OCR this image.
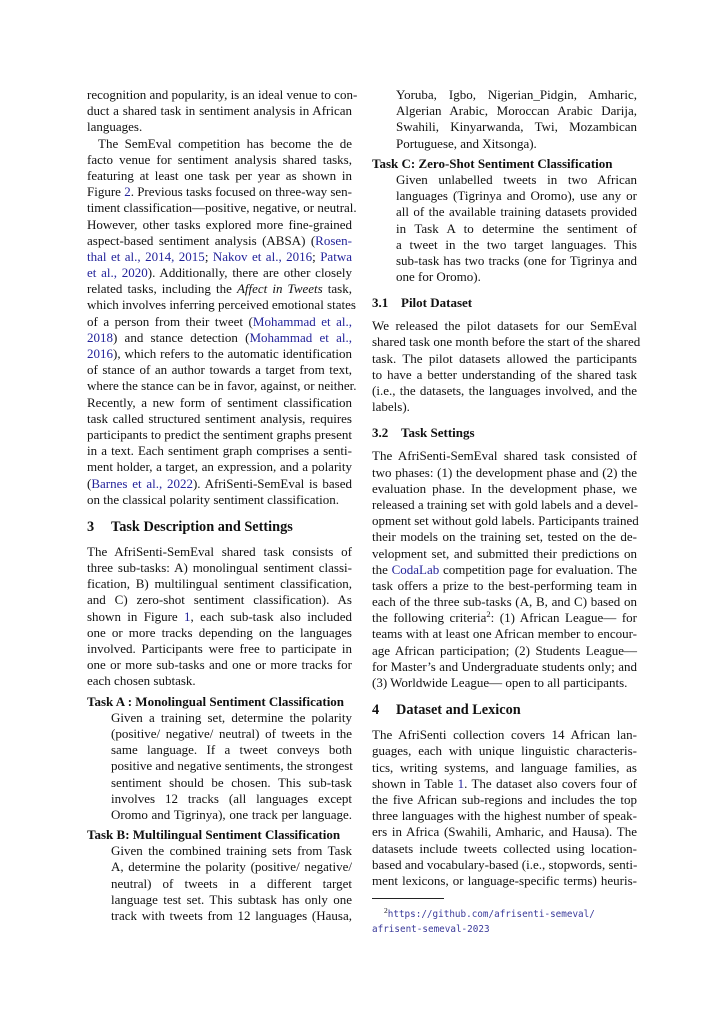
recognition and popularity, is an ideal venue to con-
duct a shared task in sentiment analysis in African
languages.
The SemEval competition has become the de
facto venue for sentiment analysis shared tasks,
featuring at least one task per year as shown in
Figure 2. Previous tasks focused on three-way sen-
timent classification—positive, negative, or neutral.
However, other tasks explored more fine-grained
aspect-based sentiment analysis (ABSA) (Rosen-
thal et al., 2014, 2015; Nakov et al., 2016; Patwa
et al., 2020). Additionally, there are other closely
related tasks, including the Affect in Tweets task,
which involves inferring perceived emotional states
of a person from their tweet (Mohammad et al.,
2018) and stance detection (Mohammad et al.,
2016), which refers to the automatic identification
of stance of an author towards a target from text,
where the stance can be in favor, against, or neither.
Recently, a new form of sentiment classification
task called structured sentiment analysis, requires
participants to predict the sentiment graphs present
in a text. Each sentiment graph comprises a senti-
ment holder, a target, an expression, and a polarity
(Barnes et al., 2022). AfriSenti-SemEval is based
on the classical polarity sentiment classification.
3 Task Description and Settings
The AfriSenti-SemEval shared task consists of
three sub-tasks: A) monolingual sentiment classi-
fication, B) multilingual sentiment classification,
and C) zero-shot sentiment classification). As
shown in Figure 1, each sub-task also included
one or more tracks depending on the languages
involved. Participants were free to participate in
one or more sub-tasks and one or more tracks for
each chosen subtask.
Task A : Monolingual Sentiment Classification
Given a training set, determine the polarity
(positive/ negative/ neutral) of tweets in the
same language. If a tweet conveys both
positive and negative sentiments, the strongest
sentiment should be chosen. This sub-task
involves 12 tracks (all languages except
Oromo and Tigrinya), one track per language.
Task B: Multilingual Sentiment Classification
Given the combined training sets from Task
A, determine the polarity (positive/ negative/
neutral) of tweets in a different target
language test set. This subtask has only one
track with tweets from 12 languages (Hausa,
Yoruba, Igbo, Nigerian_Pidgin, Amharic,
Algerian Arabic, Moroccan Arabic Darija,
Swahili, Kinyarwanda, Twi, Mozambican
Portuguese, and Xitsonga).
Task C: Zero-Shot Sentiment Classification
Given unlabelled tweets in two African
languages (Tigrinya and Oromo), use any or
all of the available training datasets provided
in Task A to determine the sentiment of
a tweet in the two target languages. This
sub-task has two tracks (one for Tigrinya and
one for Oromo).
3.1 Pilot Dataset
We released the pilot datasets for our SemEval
shared task one month before the start of the shared
task. The pilot datasets allowed the participants
to have a better understanding of the shared task
(i.e., the datasets, the languages involved, and the
labels).
3.2 Task Settings
The AfriSenti-SemEval shared task consisted of
two phases: (1) the development phase and (2) the
evaluation phase. In the development phase, we
released a training set with gold labels and a devel-
opment set without gold labels. Participants trained
their models on the training set, tested on the de-
velopment set, and submitted their predictions on
the CodaLab competition page for evaluation. The
task offers a prize to the best-performing team in
each of the three sub-tasks (A, B, and C) based on
the following criteria$^2$: (1) African League— for
teams with at least one African member to encour-
age African participation; (2) Students League—
for Master’s and Undergraduate students only; and
(3) Worldwide League— open to all participants.
4 Dataset and Lexicon
The AfriSenti collection covers 14 African lan-
guages, each with unique linguistic characteris-
tics, writing systems, and language families, as
shown in Table 1. The dataset also covers four of
the five African sub-regions and includes the top
three languages with the highest number of speak-
ers in Africa (Swahili, Amharic, and Hausa). The
datasets include tweets collected using location-
based and vocabulary-based (i.e., stopwords, senti-
ment lexicons, or language-specific terms) heuris-
$^2$https://github.com/afrisenti-semeval/
afrisent-semeval-2023
